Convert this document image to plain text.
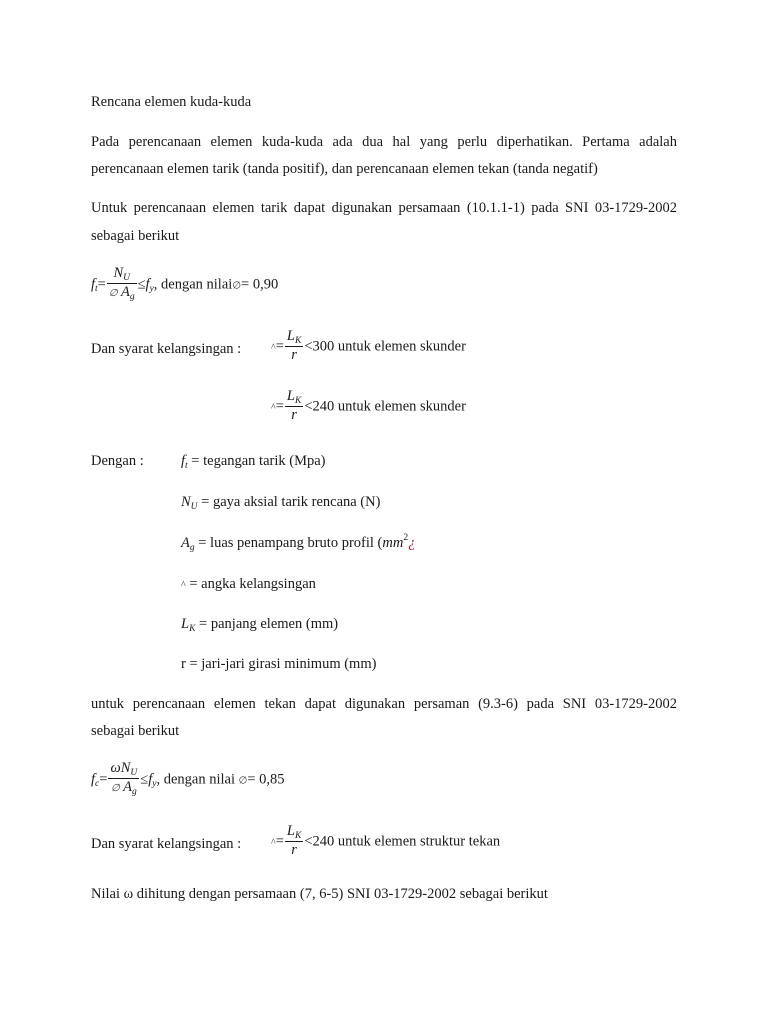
Rencana elemen kuda-kuda
Pada perencanaan elemen kuda-kuda ada dua hal yang perlu diperhatikan. Pertama adalah
perencanaan elemen tarik (tanda positif), dan perencanaan elemen tekan (tanda negatif)
Untuk perencanaan elemen tarik dapat digunakan persamaan (10.1.1-1) pada SNI 03-1729-2002
sebagai berikut
$f_t= \frac{N_U}{\emptyset A_g} \le f_y$, dengan nilai∅= 0,90
Dan syarat kelangsingan :	^= $\frac{L_K}{r} <300$ untuk elemen skunder
^= $\frac{L_K}{r} <240$ untuk elemen skunder
Dengan :	$f_t$ = tegangan tarik (Mpa)
$N_U$ = gaya aksial tarik rencana (N)
$A_g$ = luas penampang bruto profil ($mm^2¿$
^ = angka kelangsingan
$L_K$ = panjang elemen (mm)
r = jari-jari girasi minimum (mm)
untuk perencanaan elemen tekan dapat digunakan persaman (9.3-6) pada SNI 03-1729-2002
sebagai berikut
$f_c= \frac{\omega N_U}{\emptyset A_g} \le f_y$, dengan nilai ∅= 0,85
Dan syarat kelangsingan :	^= $\frac{L_K}{r} <240$ untuk elemen struktur tekan
Nilai ω dihitung dengan persamaan (7, 6-5) SNI 03-1729-2002 sebagai berikut
